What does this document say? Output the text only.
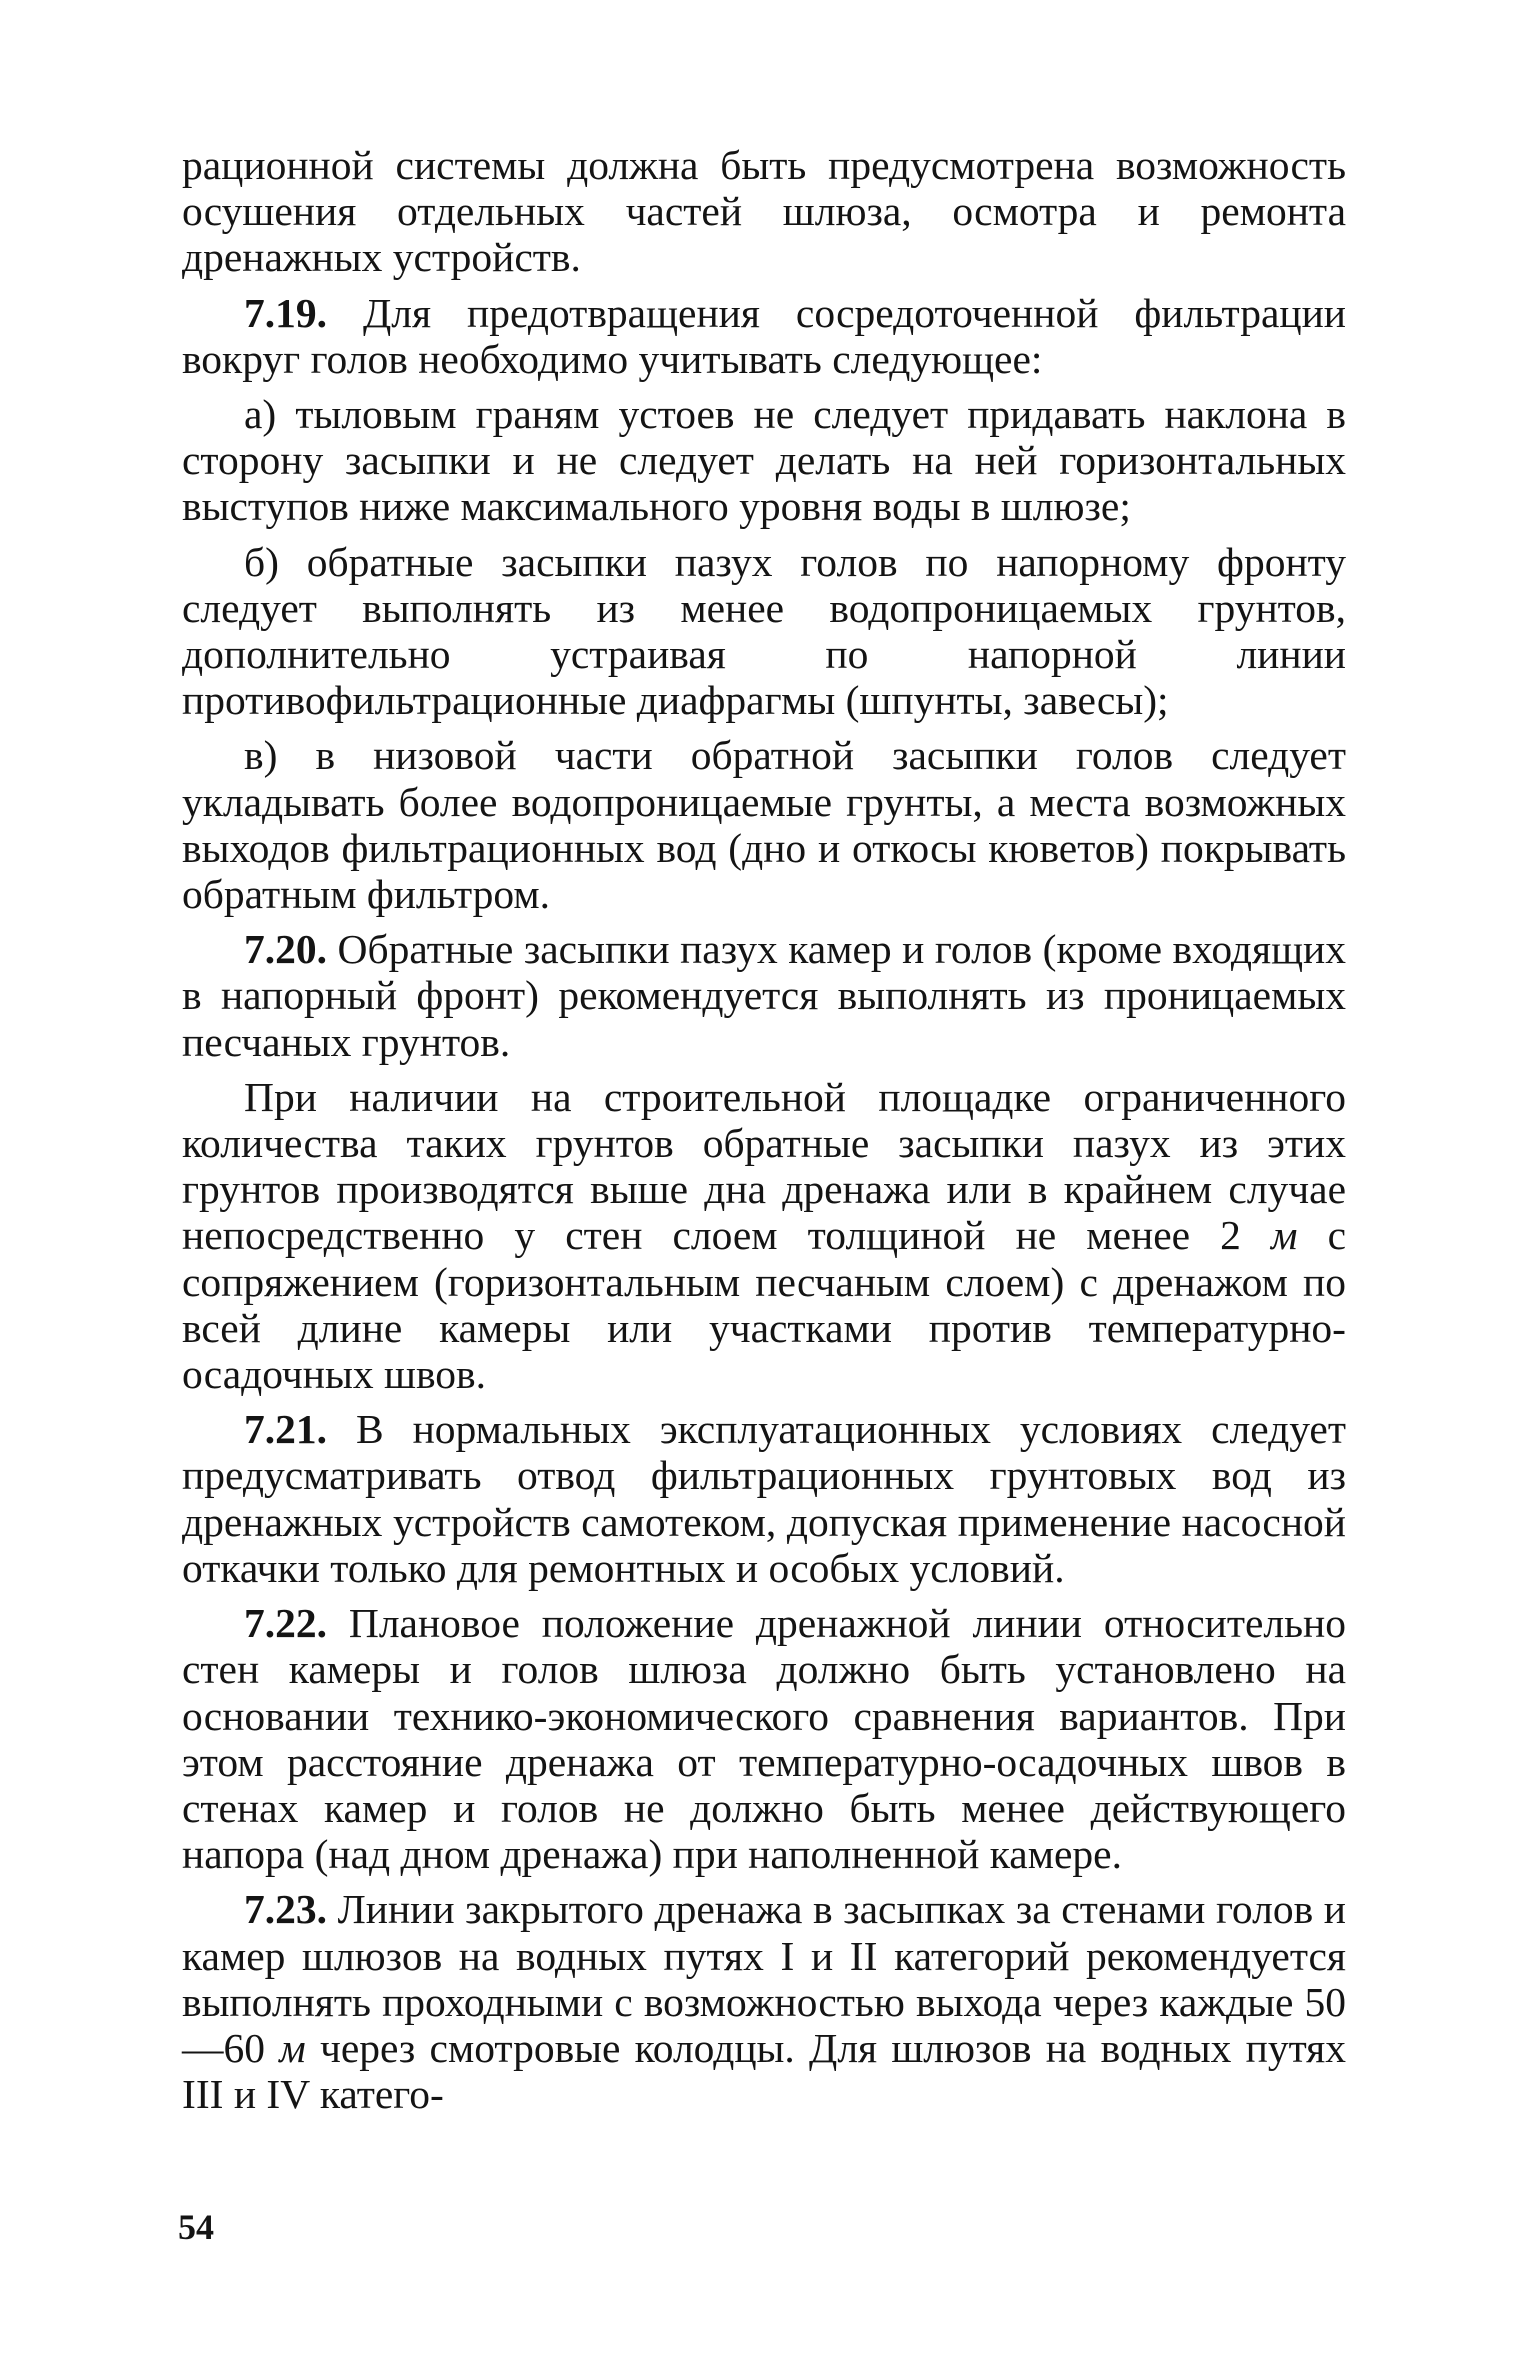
рационной системы должна быть предусмотрена возможность осушения отдельных частей шлюза, осмотра и ремонта дренажных устройств.

7.19. Для предотвращения сосредоточенной фильтрации вокруг голов необходимо учитывать следующее:

а) тыловым граням устоев не следует придавать наклона в сторону засыпки и не следует делать на ней горизонтальных выступов ниже максимального уровня воды в шлюзе;

б) обратные засыпки пазух голов по напорному фронту следует выполнять из менее водопроницаемых грунтов, дополнительно устраивая по напорной линии противофильтрационные диафрагмы (шпунты, завесы);

в) в низовой части обратной засыпки голов следует укладывать более водопроницаемые грунты, а места возможных выходов фильтрационных вод (дно и откосы кюветов) покрывать обратным фильтром.

7.20. Обратные засыпки пазух камер и голов (кроме входящих в напорный фронт) рекомендуется выполнять из проницаемых песчаных грунтов.

При наличии на строительной площадке ограниченного количества таких грунтов обратные засыпки пазух из этих грунтов производятся выше дна дренажа или в крайнем случае непосредственно у стен слоем толщиной не менее 2 м с сопряжением (горизонтальным песчаным слоем) с дренажом по всей длине камеры или участками против температурно-осадочных швов.

7.21. В нормальных эксплуатационных условиях следует предусматривать отвод фильтрационных грунтовых вод из дренажных устройств самотеком, допуская применение насосной откачки только для ремонтных и особых условий.

7.22. Плановое положение дренажной линии относительно стен камеры и голов шлюза должно быть установлено на основании технико-экономического сравнения вариантов. При этом расстояние дренажа от температурно-осадочных швов в стенах камер и голов не должно быть менее действующего напора (над дном дренажа) при наполненной камере.

7.23. Линии закрытого дренажа в засыпках за стенами голов и камер шлюзов на водных путях I и II категорий рекомендуется выполнять проходными с возможностью выхода через каждые 50—60 м через смотровые колодцы. Для шлюзов на водных путях III и IV катего-

54
